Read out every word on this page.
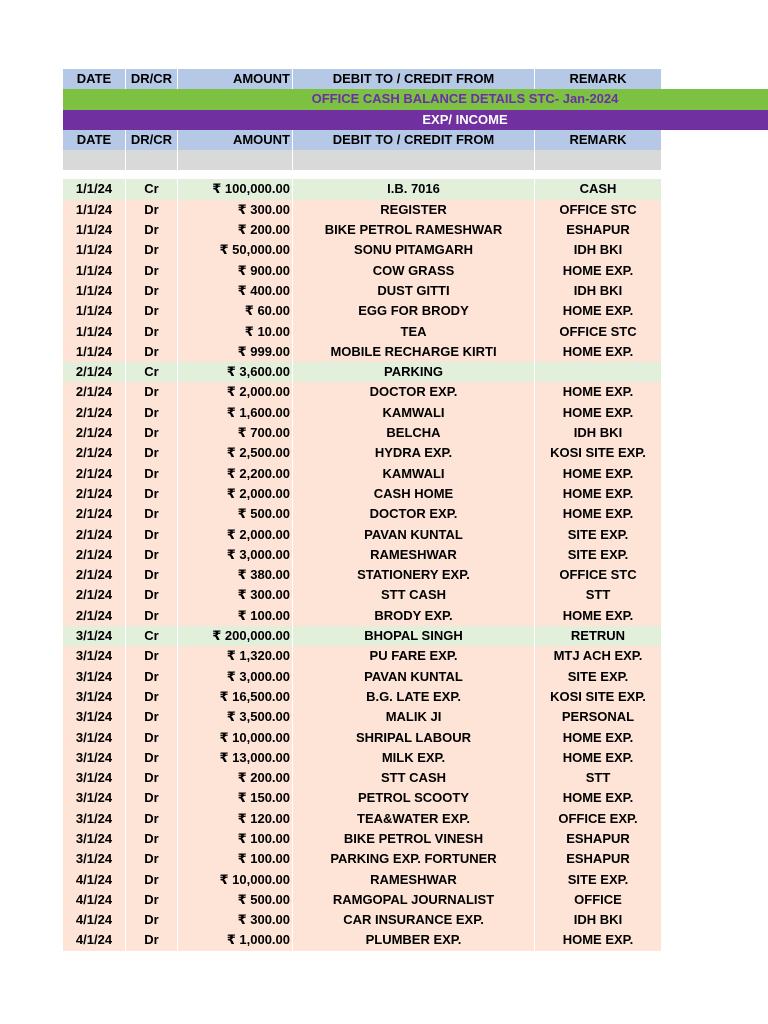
DATE	DR/CR	AMOUNT	DEBIT TO / CREDIT FROM	REMARK
OFFICE CASH BALANCE DETAILS STC- Jan-2024
EXP/ INCOME
DATE	DR/CR	AMOUNT	DEBIT TO / CREDIT FROM	REMARK
1/1/24	Cr	₹ 100,000.00	I.B. 7016	CASH
1/1/24	Dr	₹ 300.00	REGISTER	OFFICE STC
1/1/24	Dr	₹ 200.00	BIKE PETROL RAMESHWAR	ESHAPUR
1/1/24	Dr	₹ 50,000.00	SONU PITAMGARH	IDH BKI
1/1/24	Dr	₹ 900.00	COW GRASS	HOME EXP.
1/1/24	Dr	₹ 400.00	DUST GITTI	IDH BKI
1/1/24	Dr	₹ 60.00	EGG FOR BRODY	HOME EXP.
1/1/24	Dr	₹ 10.00	TEA	OFFICE STC
1/1/24	Dr	₹ 999.00	MOBILE RECHARGE KIRTI	HOME EXP.
2/1/24	Cr	₹ 3,600.00	PARKING
2/1/24	Dr	₹ 2,000.00	DOCTOR EXP.	HOME EXP.
2/1/24	Dr	₹ 1,600.00	KAMWALI	HOME EXP.
2/1/24	Dr	₹ 700.00	BELCHA	IDH BKI
2/1/24	Dr	₹ 2,500.00	HYDRA EXP.	KOSI SITE EXP.
2/1/24	Dr	₹ 2,200.00	KAMWALI	HOME EXP.
2/1/24	Dr	₹ 2,000.00	CASH HOME	HOME EXP.
2/1/24	Dr	₹ 500.00	DOCTOR EXP.	HOME EXP.
2/1/24	Dr	₹ 2,000.00	PAVAN KUNTAL	SITE EXP.
2/1/24	Dr	₹ 3,000.00	RAMESHWAR	SITE EXP.
2/1/24	Dr	₹ 380.00	STATIONERY EXP.	OFFICE STC
2/1/24	Dr	₹ 300.00	STT CASH	STT
2/1/24	Dr	₹ 100.00	BRODY EXP.	HOME EXP.
3/1/24	Cr	₹ 200,000.00	BHOPAL SINGH	RETRUN
3/1/24	Dr	₹ 1,320.00	PU FARE EXP.	MTJ ACH EXP.
3/1/24	Dr	₹ 3,000.00	PAVAN KUNTAL	SITE EXP.
3/1/24	Dr	₹ 16,500.00	B.G. LATE EXP.	KOSI SITE EXP.
3/1/24	Dr	₹ 3,500.00	MALIK JI	PERSONAL
3/1/24	Dr	₹ 10,000.00	SHRIPAL LABOUR	HOME EXP.
3/1/24	Dr	₹ 13,000.00	MILK EXP.	HOME EXP.
3/1/24	Dr	₹ 200.00	STT CASH	STT
3/1/24	Dr	₹ 150.00	PETROL SCOOTY	HOME EXP.
3/1/24	Dr	₹ 120.00	TEA&WATER EXP.	OFFICE EXP.
3/1/24	Dr	₹ 100.00	BIKE PETROL VINESH	ESHAPUR
3/1/24	Dr	₹ 100.00	PARKING EXP. FORTUNER	ESHAPUR
4/1/24	Dr	₹ 10,000.00	RAMESHWAR	SITE EXP.
4/1/24	Dr	₹ 500.00	RAMGOPAL JOURNALIST	OFFICE
4/1/24	Dr	₹ 300.00	CAR INSURANCE EXP.	IDH BKI
4/1/24	Dr	₹ 1,000.00	PLUMBER EXP.	HOME EXP.
